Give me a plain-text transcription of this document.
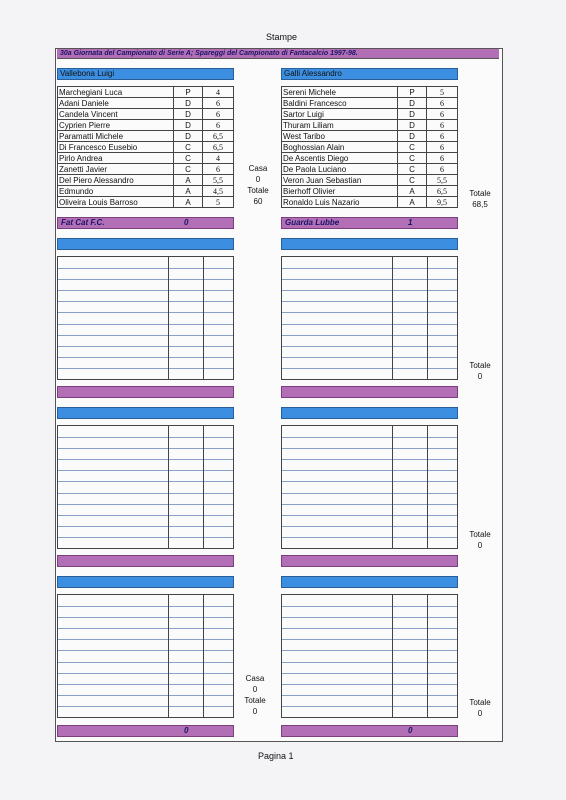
Stampe
30a Giornata del Campionato di Serie A; Spareggi del Campionato di Fantacalcio 1997-98.
Vallebona Luigi	Galli Alessandro
Marchegiani Luca	P	4
Adani Daniele	D	6
Candela Vincent	D	6
Cyprien Pierre	D	6
Paramatti Michele	D	6,5
Di Francesco Eusebio	C	6,5
Pirlo Andrea	C	4
Zanetti Javier	C	6
Del Piero Alessandro	A	5,5
Edmundo	A	4,5
Oliveira Louis Barroso	A	5
Sereni Michele	P	5
Baldini Francesco	D	6
Sartor Luigi	D	6
Thuram Liliam	D	6
West Taribo	D	6
Boghossian Alain	C	6
De Ascentis Diego	C	6
De Paola Luciano	C	6
Veron Juan Sebastian	C	5,5
Bierhoff Olivier	A	6,5
Ronaldo Luis Nazario	A	9,5
Casa
0
Totale
60
Totale
68,5
Fat Cat F.C.	0	Guarda Lubbe	1
Totale
0
Totale
0
Casa
0
Totale
0
Totale
0
0	0
Pagina 1
